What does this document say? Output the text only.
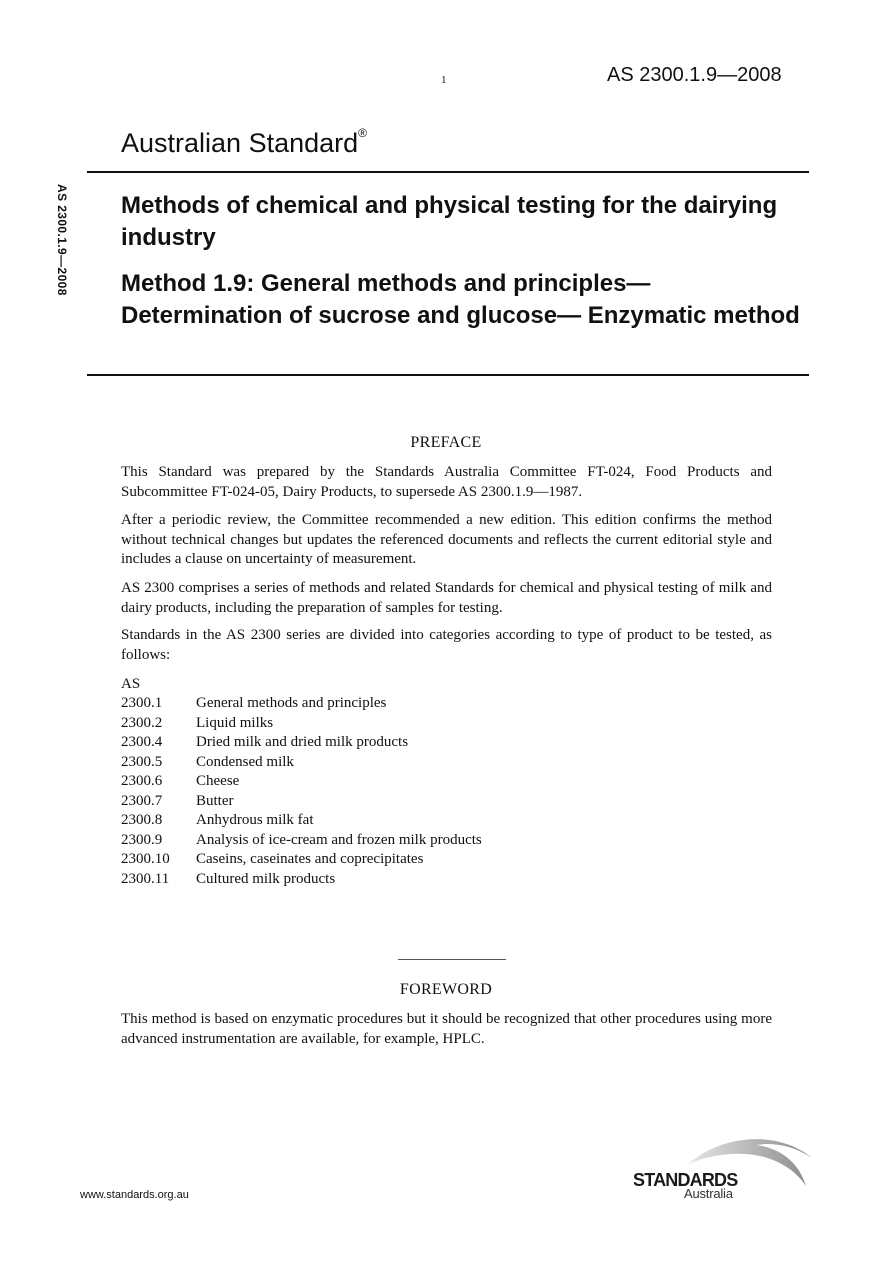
1	AS 2300.1.9—2008
AS 2300.1.9—2008
Australian Standard®
Methods of chemical and physical testing for the dairying industry
Method 1.9: General methods and principles— Determination of sucrose and glucose— Enzymatic method
PREFACE
This Standard was prepared by the Standards Australia Committee FT-024, Food Products and Subcommittee FT-024-05, Dairy Products, to supersede AS 2300.1.9—1987.
After a periodic review, the Committee recommended a new edition. This edition confirms the method without technical changes but updates the referenced documents and reflects the current editorial style and includes a clause on uncertainty of measurement.
AS 2300 comprises a series of methods and related Standards for chemical and physical testing of milk and dairy products, including the preparation of samples for testing.
Standards in the AS 2300 series are divided into categories according to type of product to be tested, as follows:
AS
2300.1 General methods and principles
2300.2 Liquid milks
2300.4 Dried milk and dried milk products
2300.5 Condensed milk
2300.6 Cheese
2300.7 Butter
2300.8 Anhydrous milk fat
2300.9 Analysis of ice-cream and frozen milk products
2300.10 Caseins, caseinates and coprecipitates
2300.11 Cultured milk products
FOREWORD
This method is based on enzymatic procedures but it should be recognized that other procedures using more advanced instrumentation are available, for example, HPLC.
www.standards.org.au
STANDARDS
Australia
